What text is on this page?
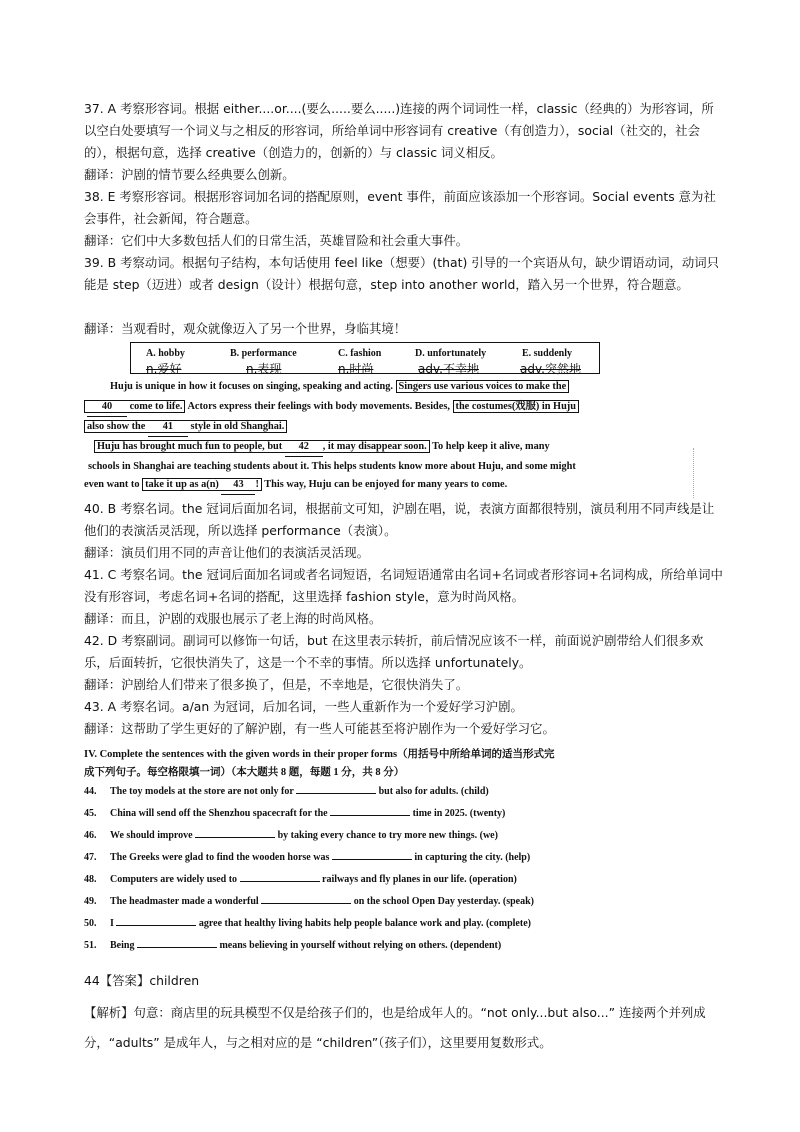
37. A 考察形容词。根据 either....or....(要么.....要么.....)连接的两个词词性一样，classic（经典的）为形容词，所以空白处要填写一个词义与之相反的形容词，所给单词中形容词有 creative（有创造力），social（社交的，社会的），根据句意，选择 creative（创造力的，创新的）与 classic 词义相反。

翻译：沪剧的情节要么经典要么创新。

38. E 考察形容词。根据形容词加名词的搭配原则，event 事件，前面应该添加一个形容词。Social events 意为社会事件，社会新闻，符合题意。

翻译：它们中大多数包括人们的日常生活，英雄冒险和社会重大事件。

39. B 考察动词。根据句子结构，本句话使用 feel like（想要）(that) 引导的一个宾语从句，缺少谓语动词，动词只能是 step（迈进）或者 design（设计）根据句意，step into another world，踏入另一个世界，符合题意。

翻译：当观看时，观众就像迈入了另一个世界，身临其境！

A. hobby	B. performance	C. fashion	D. unfortunately	E. suddenly
n.爱好	n.表现	n.时尚	adv.不幸地	adv.突然地
Huju is unique in how it focuses on singing, speaking and acting. Singers use various voices to make the
40 come to life. Actors express their feelings with body movements. Besides, the costumes(戏服) in Huju
also show the 41 style in old Shanghai.
Huju has brought much fun to people, but 42 , it may disappear soon. To help keep it alive, many
schools in Shanghai are teaching students about it. This helps students know more about Huju, and some might
even want to take it up as a(n) 43 ! This way, Huju can be enjoyed for many years to come.

40. B 考察名词。the 冠词后面加名词，根据前文可知，沪剧在唱，说，表演方面都很特别，演员利用不同声线是让他们的表演活灵活现，所以选择 performance（表演）。

翻译：演员们用不同的声音让他们的表演活灵活现。

41. C 考察名词。the 冠词后面加名词或者名词短语，名词短语通常由名词+名词或者形容词+名词构成，所给单词中没有形容词，考虑名词+名词的搭配，这里选择 fashion style，意为时尚风格。

翻译：而且，沪剧的戏服也展示了老上海的时尚风格。

42. D 考察副词。副词可以修饰一句话，but 在这里表示转折，前后情况应该不一样，前面说沪剧带给人们很多欢乐，后面转折，它很快消失了，这是一个不幸的事情。所以选择 unfortunately。

翻译：沪剧给人们带来了很多换了，但是，不幸地是，它很快消失了。

43. A 考察名词。a/an 为冠词，后加名词，一些人重新作为一个爱好学习沪剧。

翻译：这帮助了学生更好的了解沪剧，有一些人可能甚至将沪剧作为一个爱好学习它。

IV. Complete the sentences with the given words in their proper forms（用括号中所给单词的适当形式完
成下列句子。每空格限填一词）（本大题共 8 题，每题 1 分，共 8 分）
44. The toy models at the store are not only for	but also for adults. (child)
45. China will send off the Shenzhou spacecraft for the	time in 2025. (twenty)
46. We should improve	by taking every chance to try more new things. (we)
47. The Greeks were glad to find the wooden horse was	in capturing the city. (help)
48. Computers are widely used to	railways and fly planes in our life. (operation)
49. The headmaster made a wonderful	on the school Open Day yesterday. (speak)
50. I	agree that healthy living habits help people balance work and play. (complete)
51. Being	means believing in yourself without relying on others. (dependent)
44【答案】children
【解析】句意：商店里的玩具模型不仅是给孩子们的，也是给成年人的。“not only...but also...” 连接两个并列成分，“adults” 是成年人，与之相对应的是 “children”（孩子们），这里要用复数形式。
